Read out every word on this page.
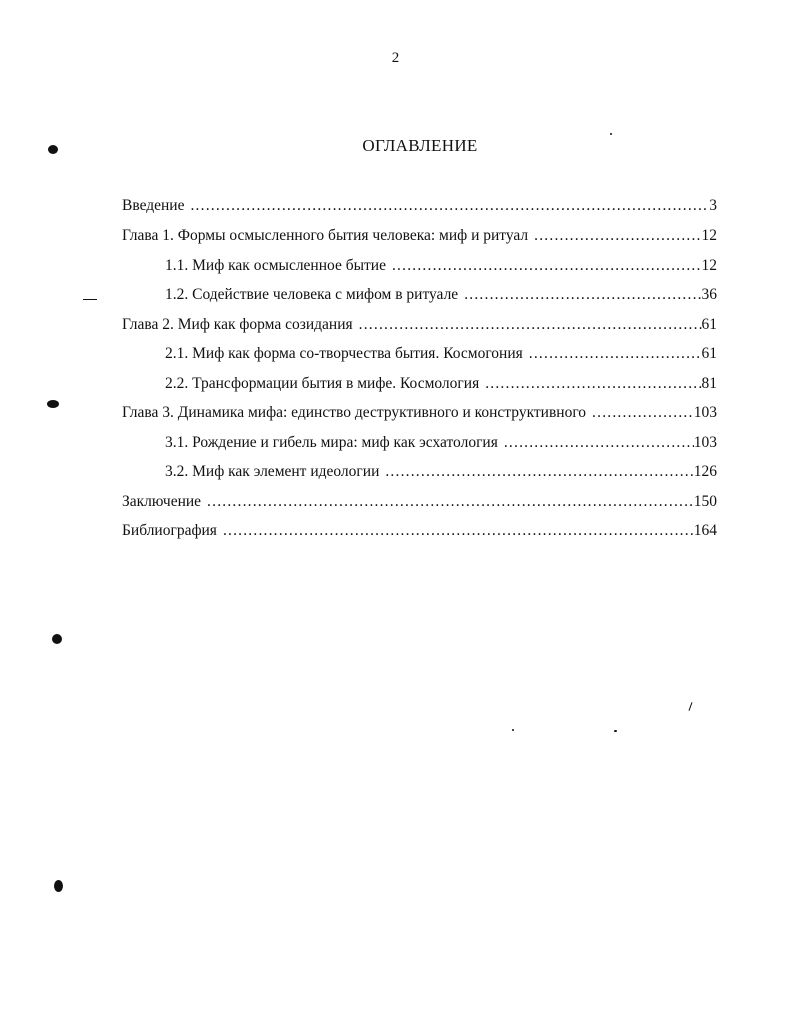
2
ОГЛАВЛЕНИЕ
Введение .....	3
Глава 1. Формы осмысленного бытия человека: миф и ритуал .....	12
1.1. Миф как осмысленное бытие .....	12
1.2. Содействие человека с мифом в ритуале .....	36
Глава 2. Миф как форма созидания .....	61
2.1. Миф как форма со-творчества бытия. Космогония .....	61
2.2. Трансформации бытия в мифе. Космология .....	81
Глава 3. Динамика мифа: единство деструктивного и конструктивного .....	103
3.1. Рождение и гибель мира: миф как эсхатология .....	103
3.2. Миф как элемент идеологии .....	126
Заключение .....	150
Библиография .....	164
